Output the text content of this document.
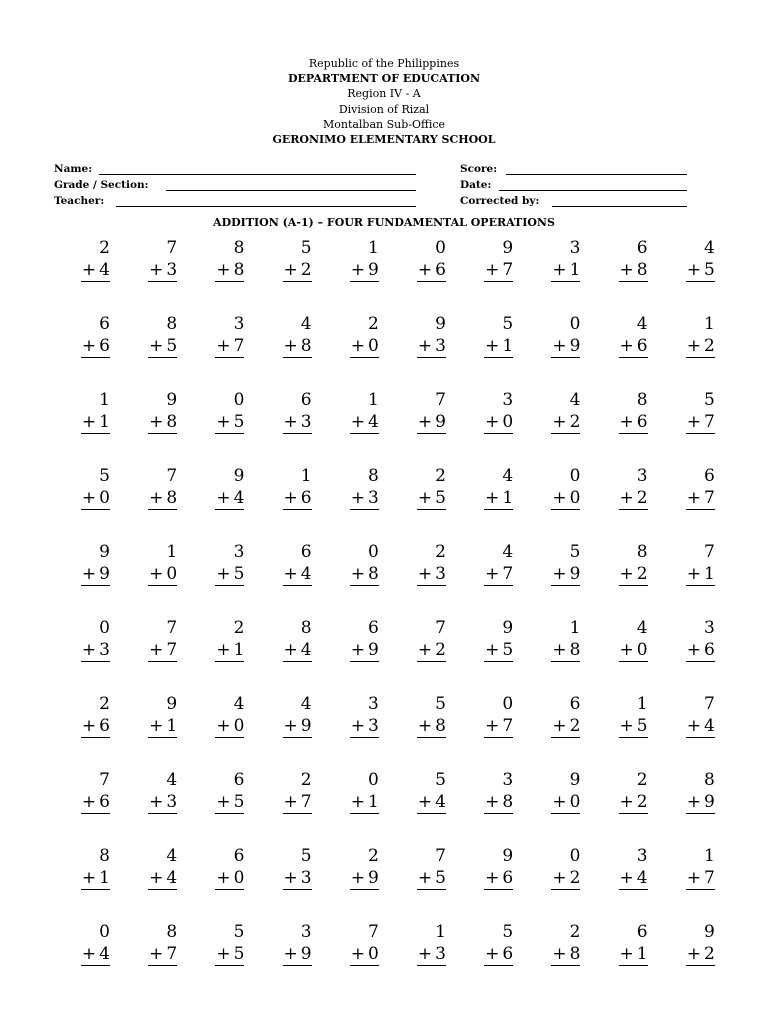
Republic of the Philippines
DEPARTMENT OF EDUCATION
Region IV - A
Division of Rizal
Montalban Sub-Office
GERONIMO ELEMENTARY SCHOOL
Name:
Grade / Section:
Teacher:
Score:
Date:
Corrected by:
ADDITION (A-1) – FOUR FUNDAMENTAL OPERATIONS
2
+ 4
7
+ 3
8
+ 8
5
+ 2
1
+ 9
0
+ 6
9
+ 7
3
+ 1
6
+ 8
4
+ 5
6
+ 6
8
+ 5
3
+ 7
4
+ 8
2
+ 0
9
+ 3
5
+ 1
0
+ 9
4
+ 6
1
+ 2
1
+ 1
9
+ 8
0
+ 5
6
+ 3
1
+ 4
7
+ 9
3
+ 0
4
+ 2
8
+ 6
5
+ 7
5
+ 0
7
+ 8
9
+ 4
1
+ 6
8
+ 3
2
+ 5
4
+ 1
0
+ 0
3
+ 2
6
+ 7
9
+ 9
1
+ 0
3
+ 5
6
+ 4
0
+ 8
2
+ 3
4
+ 7
5
+ 9
8
+ 2
7
+ 1
0
+ 3
7
+ 7
2
+ 1
8
+ 4
6
+ 9
7
+ 2
9
+ 5
1
+ 8
4
+ 0
3
+ 6
2
+ 6
9
+ 1
4
+ 0
4
+ 9
3
+ 3
5
+ 8
0
+ 7
6
+ 2
1
+ 5
7
+ 4
7
+ 6
4
+ 3
6
+ 5
2
+ 7
0
+ 1
5
+ 4
3
+ 8
9
+ 0
2
+ 2
8
+ 9
8
+ 1
4
+ 4
6
+ 0
5
+ 3
2
+ 9
7
+ 5
9
+ 6
0
+ 2
3
+ 4
1
+ 7
0
+ 4
8
+ 7
5
+ 5
3
+ 9
7
+ 0
1
+ 3
5
+ 6
2
+ 8
6
+ 1
9
+ 2
